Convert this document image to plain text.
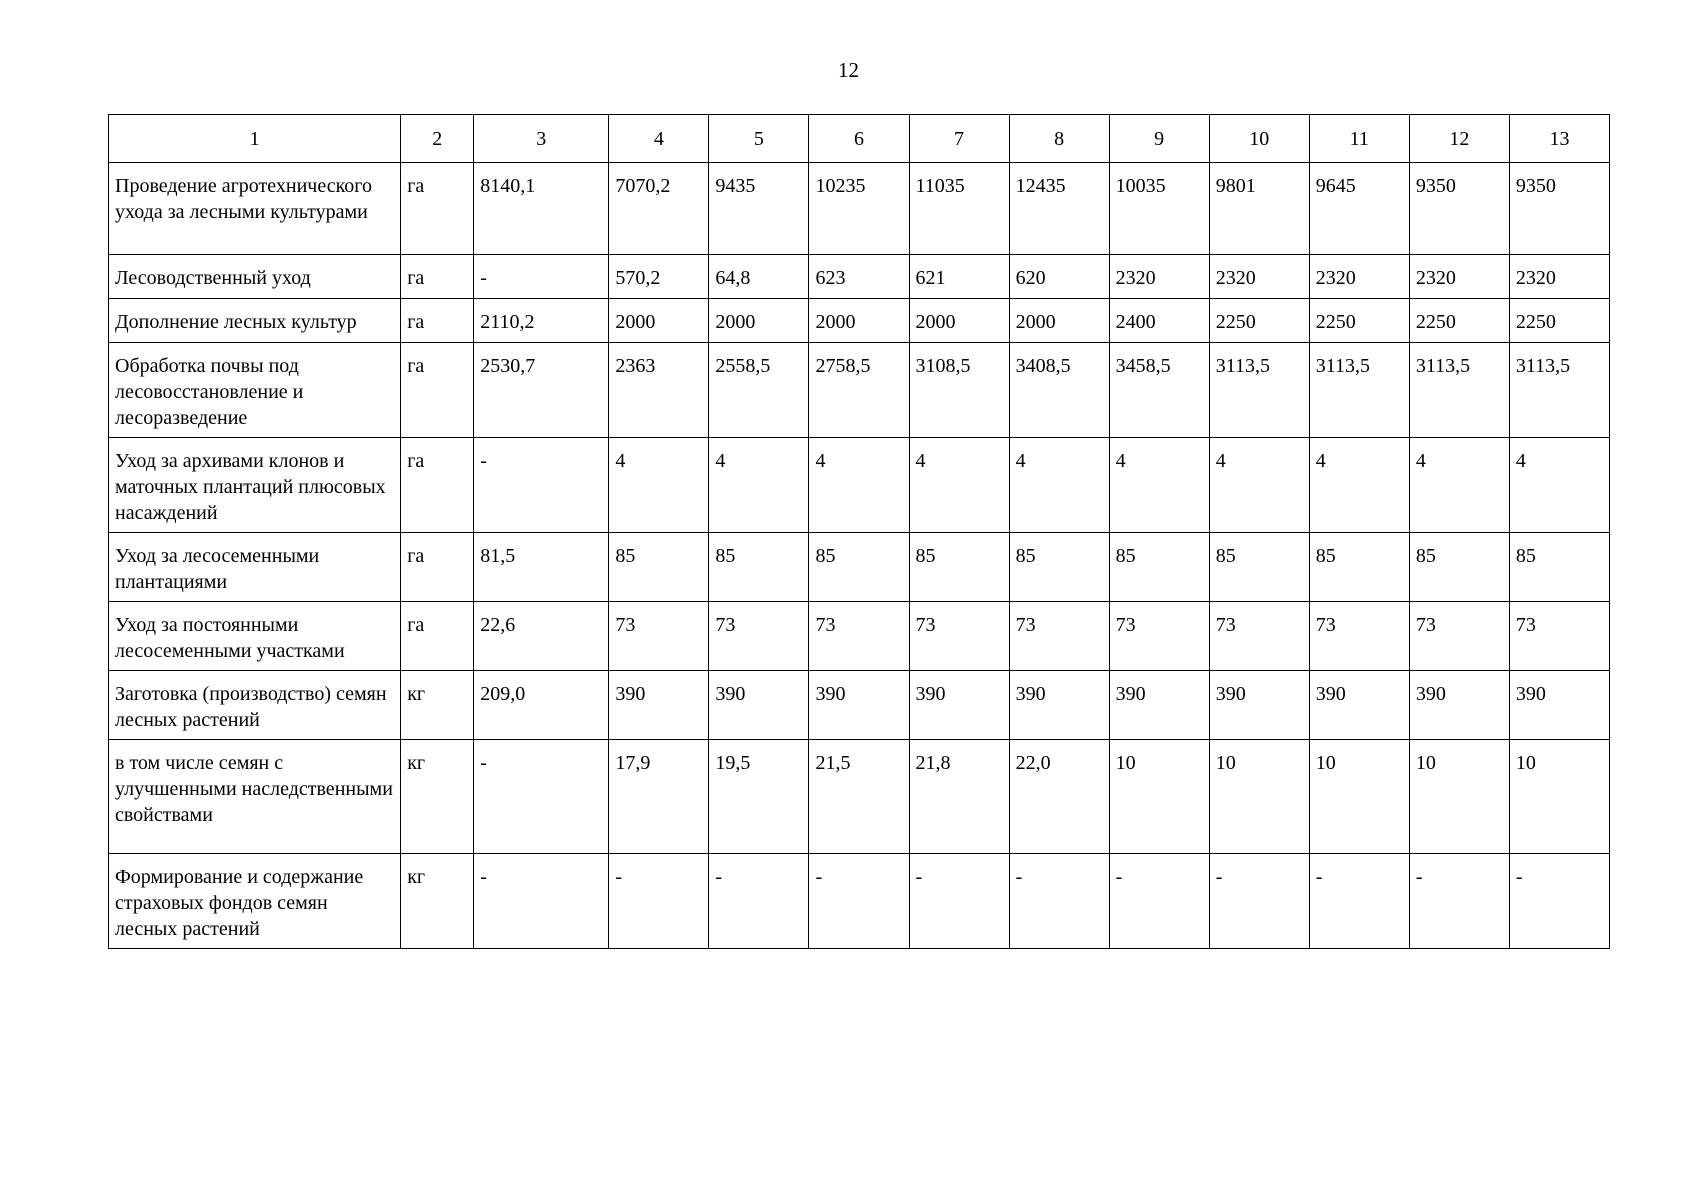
12
1	2	3	4	5	6	7	8	9	10	11	12	13
Проведение агротехнического ухода за лесными культурами	га	8140,1	7070,2	9435	10235	11035	12435	10035	9801	9645	9350	9350
Лесоводственный уход	га	-	570,2	64,8	623	621	620	2320	2320	2320	2320	2320
Дополнение лесных культур	га	2110,2	2000	2000	2000	2000	2000	2400	2250	2250	2250	2250
Обработка почвы под лесовосстановление и лесоразведение	га	2530,7	2363	2558,5	2758,5	3108,5	3408,5	3458,5	3113,5	3113,5	3113,5	3113,5
Уход за архивами клонов и маточных плантаций плюсовых насаждений	га	-	4	4	4	4	4	4	4	4	4	4
Уход за лесосеменными плантациями	га	81,5	85	85	85	85	85	85	85	85	85	85
Уход за постоянными лесосеменными участками	га	22,6	73	73	73	73	73	73	73	73	73	73
Заготовка (производство) семян лесных растений	кг	209,0	390	390	390	390	390	390	390	390	390	390
в том числе семян с улучшенными наследственными свойствами	кг	-	17,9	19,5	21,5	21,8	22,0	10	10	10	10	10
Формирование и содержание страховых фондов семян лесных растений	кг	-	-	-	-	-	-	-	-	-	-	-
